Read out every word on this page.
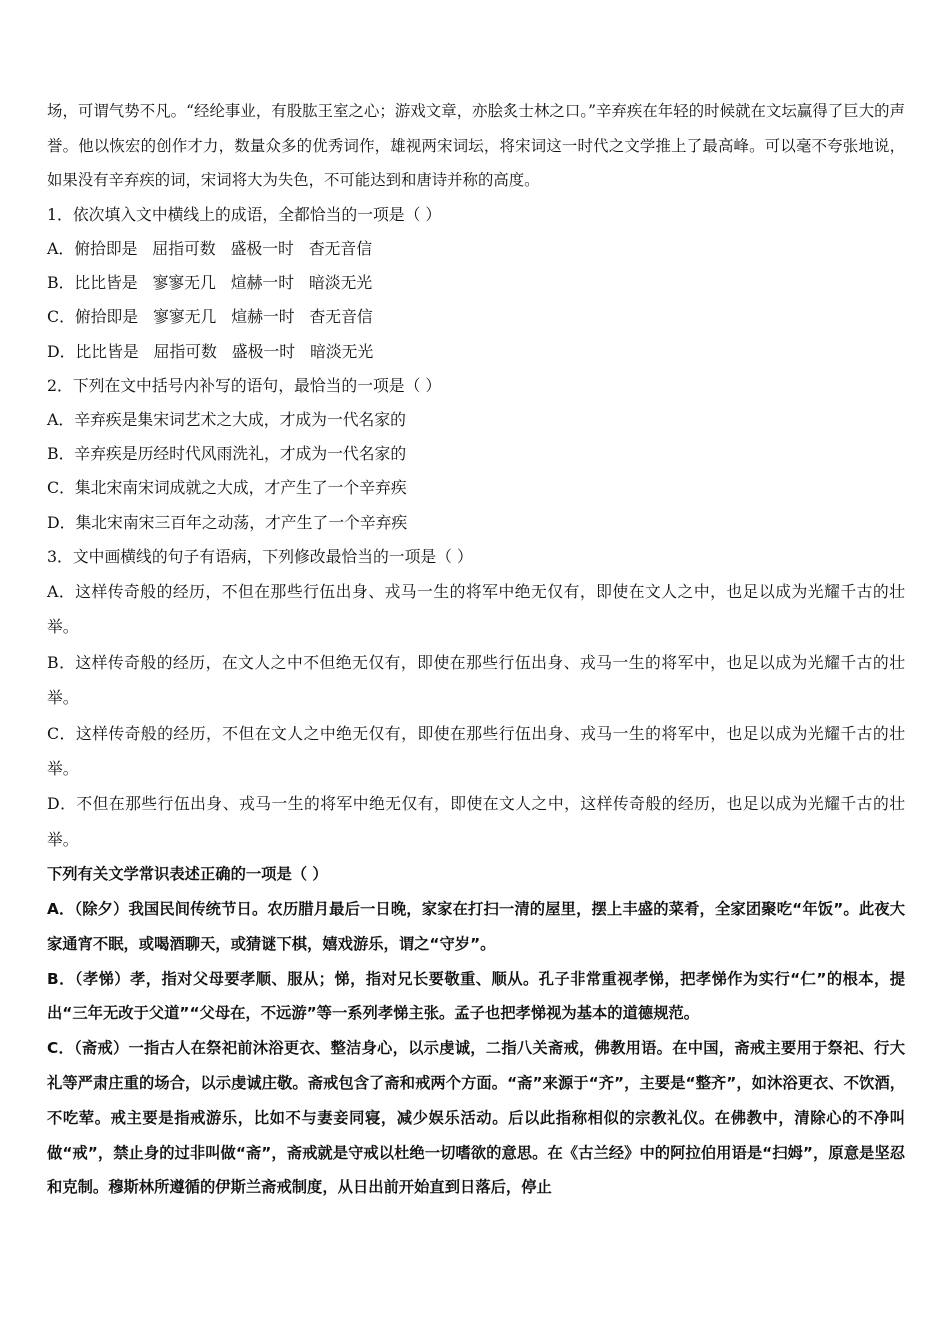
场，可谓气势不凡。“经纶事业，有股肱王室之心；游戏文章，亦脍炙士林之口。”辛弃疾在年轻的时候就在文坛赢得了巨大的声誉。他以恢宏的创作才力，数量众多的优秀词作，雄视两宋词坛，将宋词这一时代之文学推上了最高峰。可以毫不夸张地说，如果没有辛弃疾的词，宋词将大为失色，不可能达到和唐诗并称的高度。

1．依次填入文中横线上的成语，全都恰当的一项是（ ）

A．俯拾即是 屈指可数 盛极一时 杳无音信

B．比比皆是 寥寥无几 煊赫一时 暗淡无光

C．俯拾即是 寥寥无几 煊赫一时 杳无音信

D．比比皆是 屈指可数 盛极一时 暗淡无光

2．下列在文中括号内补写的语句，最恰当的一项是（ ）

A．辛弃疾是集宋词艺术之大成，才成为一代名家的

B．辛弃疾是历经时代风雨洗礼，才成为一代名家的

C．集北宋南宋词成就之大成，才产生了一个辛弃疾

D．集北宋南宋三百年之动荡，才产生了一个辛弃疾

3．文中画横线的句子有语病，下列修改最恰当的一项是（ ）

A．这样传奇般的经历，不但在那些行伍出身、戎马一生的将军中绝无仅有，即使在文人之中，也足以成为光耀千古的壮举。

B．这样传奇般的经历，在文人之中不但绝无仅有，即使在那些行伍出身、戎马一生的将军中，也足以成为光耀千古的壮举。

C．这样传奇般的经历，不但在文人之中绝无仅有，即使在那些行伍出身、戎马一生的将军中，也足以成为光耀千古的壮举。

D．不但在那些行伍出身、戎马一生的将军中绝无仅有，即使在文人之中，这样传奇般的经历，也足以成为光耀千古的壮举。

下列有关文学常识表述正确的一项是（ ）

A．（除夕）我国民间传统节日。农历腊月最后一日晚，家家在打扫一清的屋里，摆上丰盛的菜肴，全家团聚吃“年饭”。此夜大家通宵不眠，或喝酒聊天，或猜谜下棋，嬉戏游乐，谓之“守岁”。

B．（孝悌）孝，指对父母要孝顺、服从；悌，指对兄长要敬重、顺从。孔子非常重视孝悌，把孝悌作为实行“仁”的根本，提出“三年无改于父道”“父母在，不远游”等一系列孝悌主张。孟子也把孝悌视为基本的道德规范。

C．（斋戒）一指古人在祭祀前沐浴更衣、整洁身心，以示虔诚，二指八关斋戒，佛教用语。在中国，斋戒主要用于祭祀、行大礼等严肃庄重的场合，以示虔诚庄敬。斋戒包含了斋和戒两个方面。“斋”来源于“齐”，主要是“整齐”，如沐浴更衣、不饮酒，不吃荤。戒主要是指戒游乐，比如不与妻妾同寝，减少娱乐活动。后以此指称相似的宗教礼仪。在佛教中，清除心的不净叫做“戒”，禁止身的过非叫做“斋”，斋戒就是守戒以杜绝一切嗜欲的意思。在《古兰经》中的阿拉伯用语是“扫姆”，原意是坚忍和克制。穆斯林所遵循的伊斯兰斋戒制度，从日出前开始直到日落后，停止
